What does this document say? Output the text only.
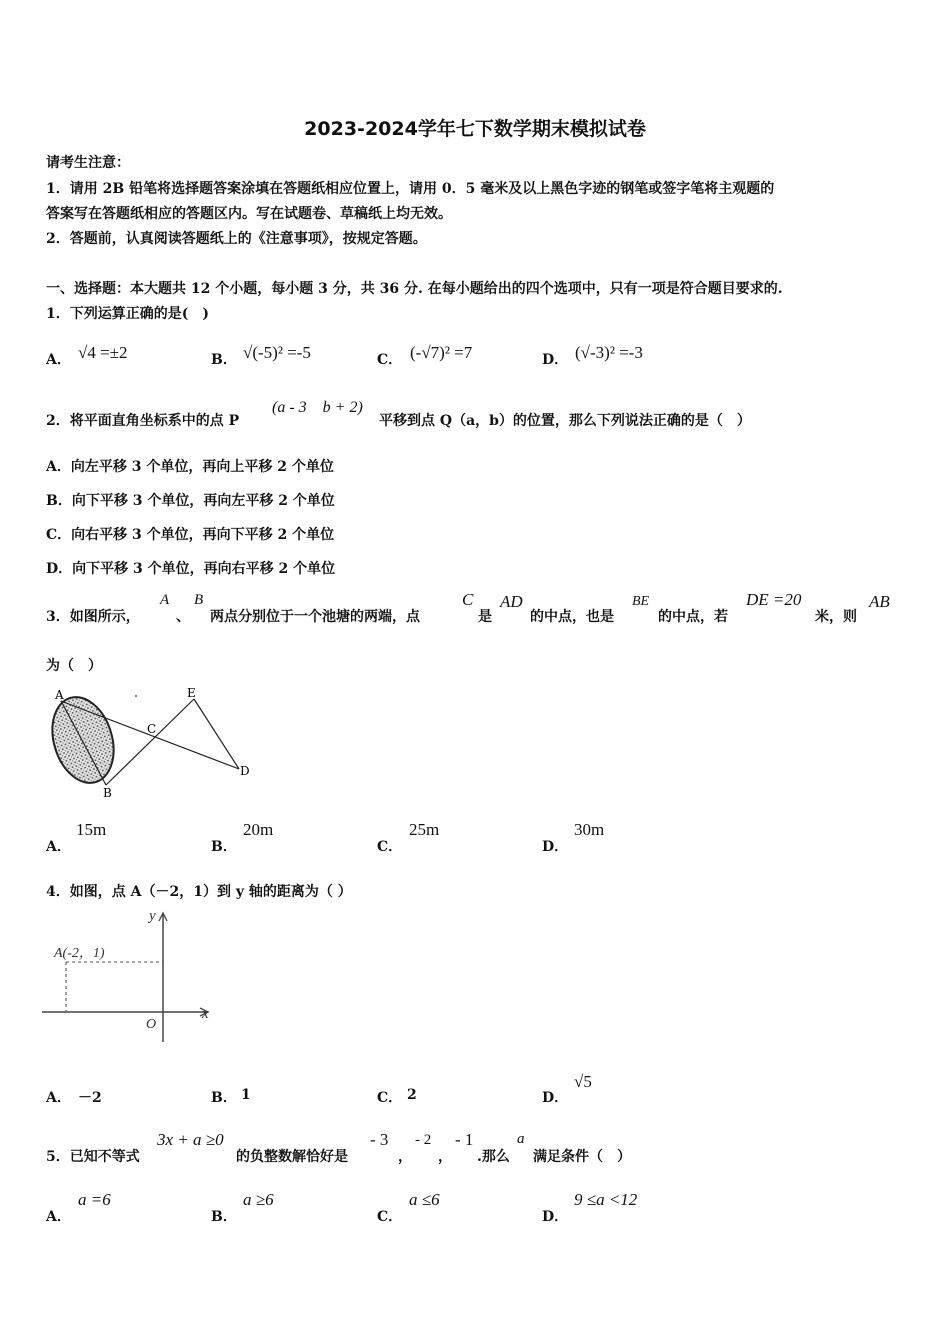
2023-2024学年七下数学期末模拟试卷
请考生注意：
1．请用 2B 铅笔将选择题答案涂填在答题纸相应位置上，请用 0．5 毫米及以上黑色字迹的钢笔或签字笔将主观题的
答案写在答题纸相应的答题区内。写在试题卷、草稿纸上均无效。
2．答题前，认真阅读答题纸上的《注意事项》，按规定答题。
一、选择题：本大题共 12 个小题，每小题 3 分，共 36 分. 在每小题给出的四个选项中，只有一项是符合题目要求的.
1．下列运算正确的是(　)
A． √4 =±2	B． √(-5)² =-5	C． (-√7)² =7	D． (√-3)² =-3
2．将平面直角坐标系中的点 P
(a - 3　b + 2)
平移到点 Q（a，b）的位置，那么下列说法正确的是（　）
A．向左平移 3 个单位，再向上平移 2 个单位
B．向下平移 3 个单位，再向左平移 2 个单位
C．向右平移 3 个单位，再向下平移 2 个单位
D．向下平移 3 个单位，再向右平移 2 个单位
3．如图所示，
A
、
B
两点分别位于一个池塘的两端，点
C
是
AD
的中点，也是
BE
的中点，若
DE =20
米，则
AB
为（　）
A
B
C
D
E
A．
15m
B．
20m
C．
25m
D．
30m
4．如图，点 A（－2，1）到 y 轴的距离为（ ）
A(-2，1)
y
x
O
A． －2	B． 1	C． 2	D．
√5
5．已知不等式
3x + a ≥0
的负整数解恰好是
- 3
，
- 2
，
- 1
.那么
a
满足条件（　）
A．
a =6
B．
a ≥6
C．
a ≤6
D．
9 ≤a <12
